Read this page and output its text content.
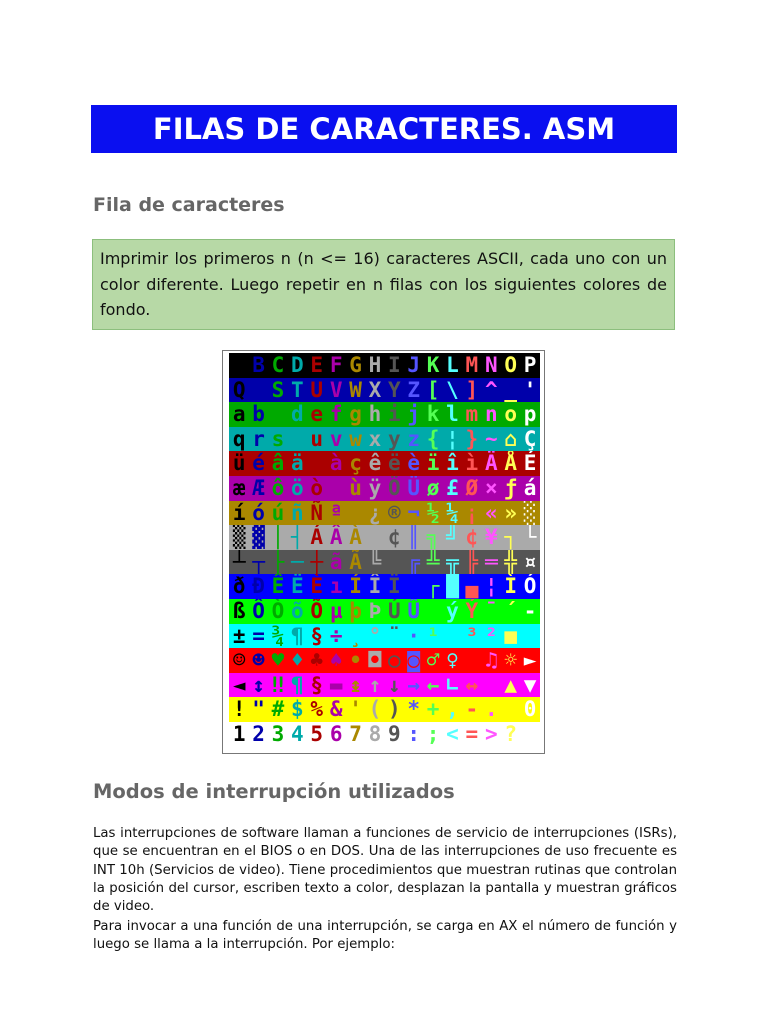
FILAS DE CARACTERES. ASM
Fila de caracteres
Imprimir los primeros n (n <= 16) caracteres ASCII, cada uno con un color diferente. Luego repetir en n filas con los siguientes colores de fondo.
B C D E F G H I J K L M N O P
Q S T U V W X Y Z [ \ ] ^ _ '
a b d e f g h i j k l m n o p
q r s u v w x y z { ¦ } ~ ⌂ Ç
ü é â ä à ç ê ë è ï î ì Ä Å É
æ Æ ô ö ò ù ÿ Ö Ü ø £ Ø × ƒ á
í ó ú ñ Ñ ª ¿ ® ¬ ½ ¼ ¡ « » ░
▒ ▓ │ ┤ Á Â À ¢ ║ ╗ ╝ ¢ ¥ ┐ └
┴ ┬ ├ ─ ┼ ã Ã ╚ ╔ ╩ ╦ ╠ ═ ╬ ¤
ð Ð Ê Ë È ı Í Î Ï ┌ █ ▄ ¦ Ì Ó
ß Ô Ò õ Õ µ þ Þ Ú Û ý Ý ¯ ´ -
± = ¾ ¶ § ÷ ¸ ° ¨ · ¹ ³ ² ■
☺ ☻ ♥ ♦ ♣ ♠ • ◘ ○ ◙ ♂ ♀ ♫ ☼ ►
◄ ↕ ‼ ¶ § ▬ ↨ ↑ ↓ → ← ∟ ↔ ▲ ▼
! " # $ % & ' ( ) * + , - . 0
1 2 3 4 5 6 7 8 9 : ; < = > ?
Modos de interrupción utilizados
Las interrupciones de software llaman a funciones de servicio de interrupciones (ISRs), que se encuentran en el BIOS o en DOS. Una de las interrupciones de uso frecuente es INT 10h (Servicios de video). Tiene procedimientos que muestran rutinas que controlan la posición del cursor, escriben texto a color, desplazan la pantalla y muestran gráficos de video.
Para invocar a una función de una interrupción, se carga en AX el número de función y luego se llama a la interrupción. Por ejemplo:
